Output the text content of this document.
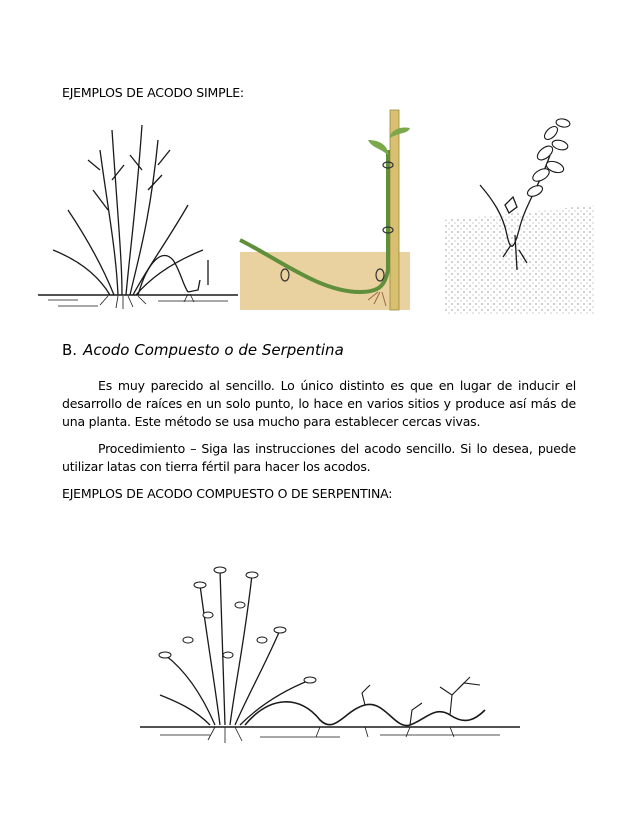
EJEMPLOS DE ACODO SIMPLE:
B. Acodo Compuesto o de Serpentina

Es muy parecido al sencillo. Lo único distinto es que en lugar de inducir el desarrollo de raíces en un solo punto, lo hace en varios sitios y produce así más de una planta. Este método se usa mucho para establecer cercas vivas.

Procedimiento – Siga las instrucciones del acodo sencillo. Si lo desea, puede utilizar latas con tierra fértil para hacer los acodos.

EJEMPLOS DE ACODO COMPUESTO O DE SERPENTINA:
